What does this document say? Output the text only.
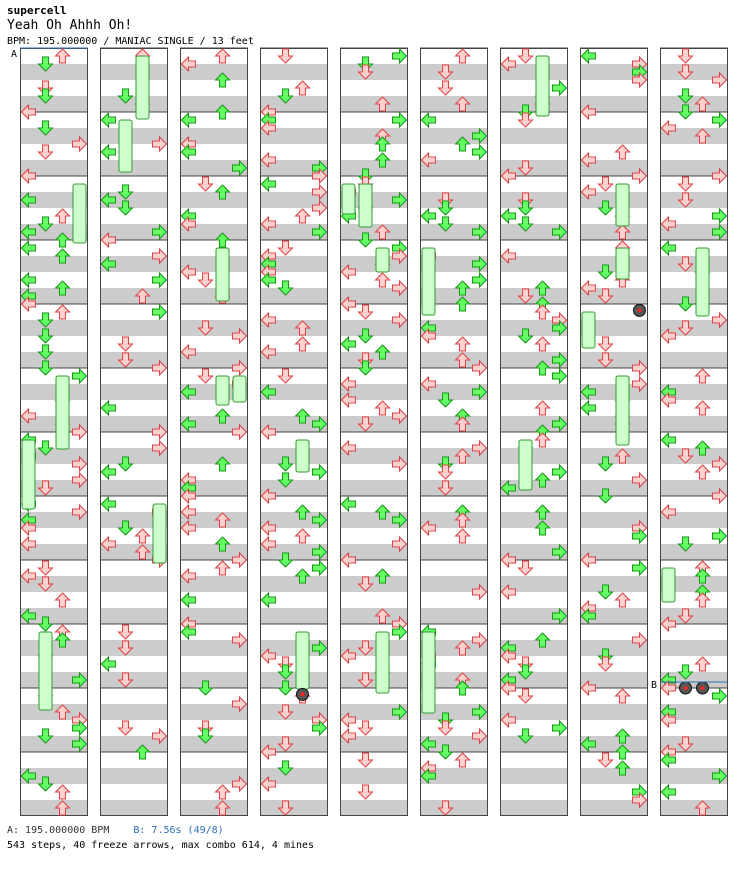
supercell
Yeah Oh Ahhh Oh!
BPM: 195.000000 / MANIAC SINGLE / 13 feet
A
B
A: 195.000000 BPM B: 7.56s (49/8)
543 steps, 40 freeze arrows, max combo 614, 4 mines
